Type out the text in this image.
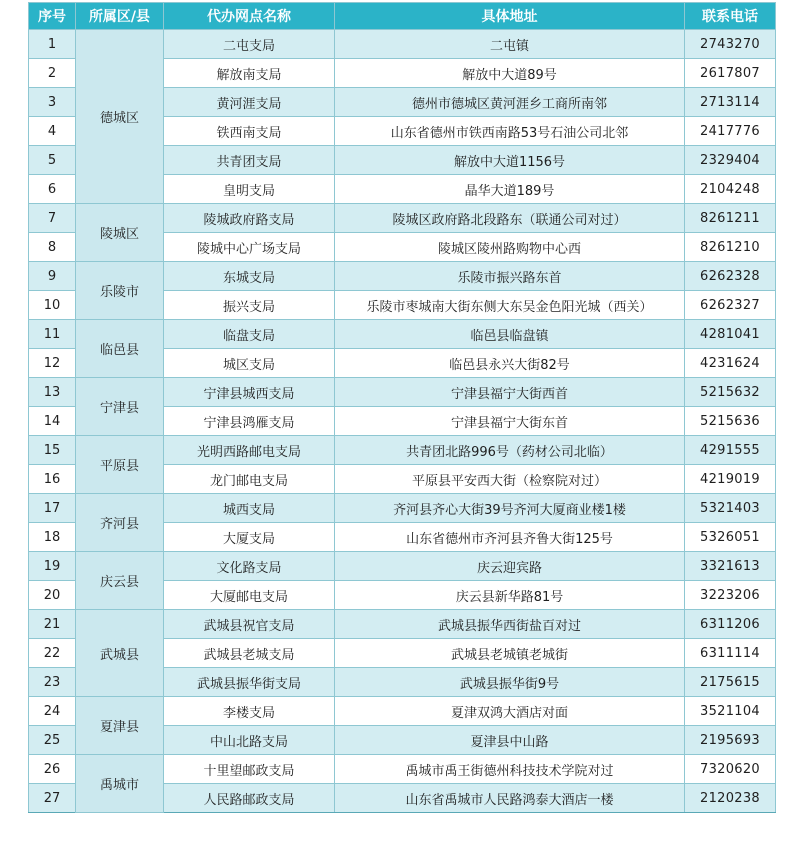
序号	所属区/县	代办网点名称	具体地址	联系电话
1	德城区	二屯支局	二屯镇	2743270
2		解放南支局	解放中大道89号	2617807
3		黄河涯支局	德州市德城区黄河涯乡工商所南邻	2713114
4		铁西南支局	山东省德州市铁西南路53号石油公司北邻	2417776
5		共青团支局	解放中大道1156号	2329404
6		皇明支局	晶华大道189号	2104248
7	陵城区	陵城政府路支局	陵城区政府路北段路东（联通公司对过）	8261211
8		陵城中心广场支局	陵城区陵州路购物中心西	8261210
9	乐陵市	东城支局	乐陵市振兴路东首	6262328
10		振兴支局	乐陵市枣城南大街东侧大东吴金色阳光城（西关）	6262327
11	临邑县	临盘支局	临邑县临盘镇	4281041
12		城区支局	临邑县永兴大街82号	4231624
13	宁津县	宁津县城西支局	宁津县福宁大街西首	5215632
14		宁津县鸿雁支局	宁津县福宁大街东首	5215636
15	平原县	光明西路邮电支局	共青团北路996号（药材公司北临）	4291555
16		龙门邮电支局	平原县平安西大街（检察院对过）	4219019
17	齐河县	城西支局	齐河县齐心大街39号齐河大厦商业楼1楼	5321403
18		大厦支局	山东省德州市齐河县齐鲁大街125号	5326051
19	庆云县	文化路支局	庆云迎宾路	3321613
20		大厦邮电支局	庆云县新华路81号	3223206
21	武城县	武城县祝官支局	武城县振华西街盐百对过	6311206
22		武城县老城支局	武城县老城镇老城街	6311114
23		武城县振华街支局	武城县振华街9号	2175615
24	夏津县	李楼支局	夏津双鸿大酒店对面	3521104
25		中山北路支局	夏津县中山路	2195693
26	禹城市	十里望邮政支局	禹城市禹王街德州科技技术学院对过	7320620
27		人民路邮政支局	山东省禹城市人民路鸿泰大酒店一楼	2120238
